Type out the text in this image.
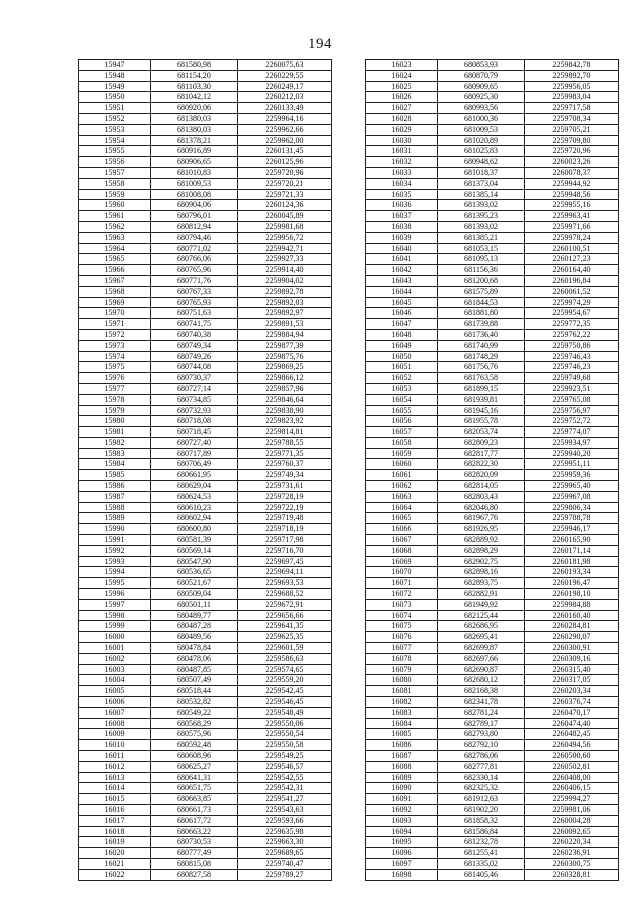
194
15947	681580,98	2260075,63
15948	681154,20	2260229,55
15949	681103,30	2260249,17
15950	681042,12	2260212,03
15951	680920,06	2260133,49
15952	681380,03	2259964,16
15953	681380,03	2259962,66
15954	681378,21	2259962,00
15955	680916,89	2260131,45
15956	680906,65	2260125,96
15957	681010,83	2259720,96
15958	681009,53	2259720,21
15959	681008,08	2259721,33
15960	680904,06	2260124,36
15961	680796,01	2260045,89
15962	680812,94	2259981,68
15963	680794,46	2259956,72
15964	680771,02	2259942,71
15965	680766,06	2259927,33
15966	680765,96	2259914,40
15967	680771,76	2259904,02
15968	680767,33	2259892,78
15969	680765,93	2259892,03
15970	680751,63	2259892,97
15971	680741,75	2259891,53
15972	680740,38	2259884,94
15973	680749,34	2259877,39
15974	680749,26	2259875,76
15975	680744,08	2259869,25
15976	680730,37	2259866,12
15977	680727,14	2259857,96
15978	680734,85	2259846,64
15979	680732,93	2259838,90
15980	680718,08	2259823,92
15981	680718,45	2259814,81
15982	680727,40	2259788,55
15983	680717,89	2259771,35
15984	680706,49	2259760,37
15985	680661,95	2259749,34
15986	680629,04	2259731,61
15987	680624,53	2259728,19
15988	680610,23	2259722,19
15989	680602,94	2259719,48
15990	680600,80	2259718,19
15991	680581,39	2259717,98
15992	680569,14	2259716,70
15993	680547,90	2259697,45
15994	680536,65	2259694,11
15995	680521,67	2259693,53
15996	680509,04	2259688,52
15997	680501,11	2259672,91
15998	680489,77	2259656,66
15999	680487,28	2259641,35
16000	680489,56	2259625,35
16001	680478,84	2259601,59
16002	680478,06	2259586,63
16003	680487,85	2259574,65
16004	680507,49	2259559,20
16005	680518,44	2259542,45
16006	680532,82	2259546,45
16007	680549,22	2259548,49
16008	680568,29	2259550,06
16009	680575,96	2259550,54
16010	680592,48	2259550,58
16011	680608,96	2259549,25
16012	680625,27	2259546,57
16013	680641,31	2259542,55
16014	680651,75	2259542,31
16015	680663,85	2259541,27
16016	680661,73	2259543,63
16017	680617,72	2259593,66
16018	680663,22	2259635,98
16019	680730,53	2259663,30
16020	680777,49	2259689,65
16021	680815,08	2259740,47
16022	680827,58	2259789,27
16023	680853,93	2259842,78
16024	680870,79	2259892,70
16025	680909,65	2259956,05
16026	680925,30	2259983,04
16027	680993,56	2259717,58
16028	681000,36	2259708,34
16029	681009,53	2259705,21
16030	681020,89	2259709,80
16031	681025,83	2259720,96
16032	680948,62	2260023,26
16033	681018,37	2260078,37
16034	681373,04	2259944,92
16035	681385,14	2259948,56
16036	681393,02	2259955,16
16037	681395,23	2259963,41
16038	681393,02	2259971,66
16039	681385,21	2259978,24
16040	681053,15	2260100,51
16041	681095,13	2260127,23
16042	681156,36	2260164,40
16043	681200,68	2260196,84
16044	681575,89	2260061,52
16045	681844,53	2259974,29
16046	681881,80	2259954,67
16047	681739,88	2259772,35
16048	681736,40	2259762,22
16049	681740,99	2259750,86
16050	681748,29	2259746,43
16051	681756,76	2259746,23
16052	681763,58	2259749,68
16053	681899,15	2259923,51
16054	681939,81	2259765,08
16055	681945,16	2259756,97
16056	681955,78	2259752,72
16057	682053,74	2259774,07
16058	682809,23	2259934,97
16059	682817,77	2259940,20
16060	682822,30	2259951,11
16061	682820,09	2259959,36
16062	682814,05	2259965,40
16063	682803,43	2259967,08
16064	682046,80	2259806,34
16065	681967,76	2259788,78
16066	681926,95	2259946,17
16067	682889,92	2260165,90
16068	682898,29	2260171,14
16069	682902,75	2260181,98
16070	682898,16	2260193,34
16071	682893,75	2260196,47
16072	682882,91	2260198,10
16073	681949,92	2259984,88
16074	682125,44	2260160,40
16075	682686,95	2260284,81
16076	682695,41	2260290,07
16077	682699,87	2260300,91
16078	682697,66	2260309,16
16079	682690,87	2260315,40
16080	682680,12	2260317,05
16081	682168,38	2260203,34
16082	682341,78	2260376,74
16083	682781,24	2260470,17
16084	682789,17	2260474,40
16085	682793,80	2260482,45
16086	682792,10	2260494,56
16087	682786,06	2260500,60
16088	682777,81	2260502,81
16089	682330,14	2260408,00
16090	682325,32	2260406,15
16091	681912,63	2259994,27
16092	681902,20	2259981,06
16093	681858,32	2260004,28
16094	681586,84	2260092,65
16095	681232,78	2260220,34
16096	681255,41	2260236,91
16097	681335,02	2260300,75
16098	681405,46	2260328,81
